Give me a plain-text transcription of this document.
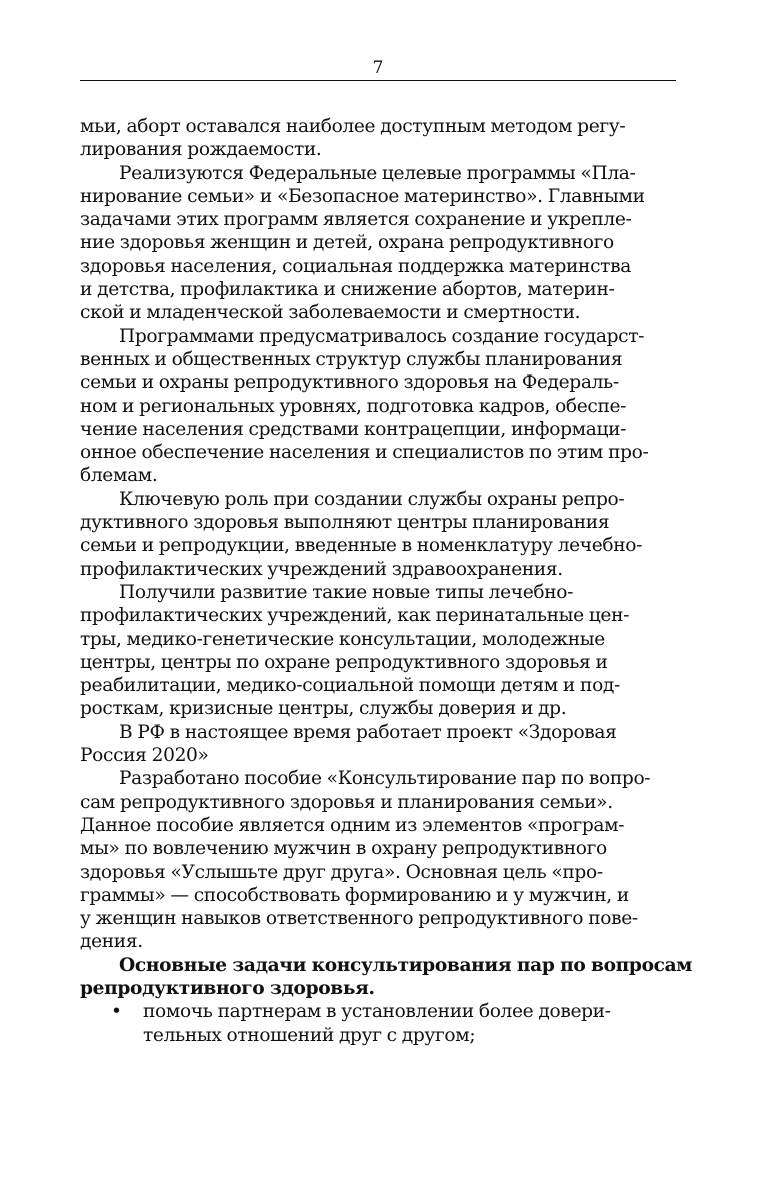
7
мьи, аборт оставался наиболее доступным методом регу-
лирования рождаемости.
Реализуются Федеральные целевые программы «Пла-
нирование семьи» и «Безопасное материнство». Главными
задачами этих программ является сохранение и укрепле-
ние здоровья женщин и детей, охрана репродуктивного
здоровья населения, социальная поддержка материнства
и детства, профилактика и снижение абортов, материн-
ской и младенческой заболеваемости и смертности.
Программами предусматривалось создание государст-
венных и общественных структур службы планирования
семьи и охраны репродуктивного здоровья на Федераль-
ном и региональных уровнях, подготовка кадров, обеспе-
чение населения средствами контрацепции, информаци-
онное обеспечение населения и специалистов по этим про-
блемам.
Ключевую роль при создании службы охраны репро-
дуктивного здоровья выполняют центры планирования
семьи и репродукции, введенные в номенклатуру лечебно-
профилактических учреждений здравоохранения.
Получили развитие такие новые типы лечебно-
профилактических учреждений, как перинатальные цен-
тры, медико-генетические консультации, молодежные
центры, центры по охране репродуктивного здоровья и
реабилитации, медико-социальной помощи детям и под-
росткам, кризисные центры, службы доверия и др.
В РФ в настоящее время работает проект «Здоровая
Россия 2020»
Разработано пособие «Консультирование пар по вопро-
сам репродуктивного здоровья и планирования семьи».
Данное пособие является одним из элементов «програм-
мы» по вовлечению мужчин в охрану репродуктивного
здоровья «Услышьте друг друга». Основная цель «про-
граммы» — способствовать формированию и у мужчин, и
у женщин навыков ответственного репродуктивного пове-
дения.
Основные задачи консультирования пар по вопросам
репродуктивного здоровья.
• помочь партнерам в установлении более довери-
тельных отношений друг с другом;
